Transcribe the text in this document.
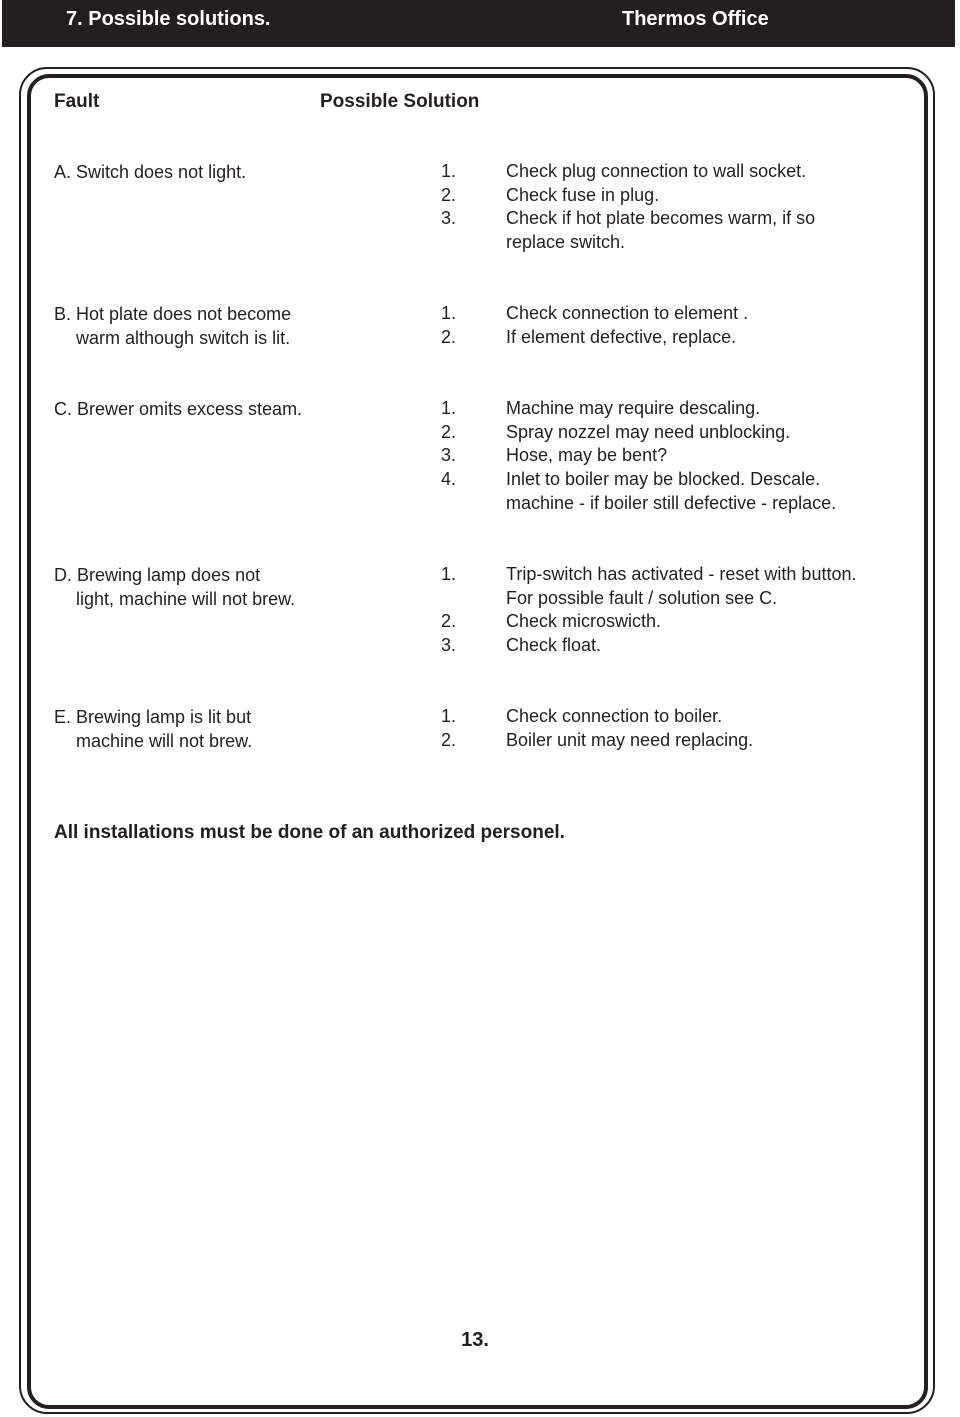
7. Possible solutions.	Thermos Office
Fault	Possible Solution
A. Switch does not light.	1.	Check plug connection to wall socket.
2.	Check fuse in plug.
3.	Check if hot plate becomes warm, if so
replace switch.
B. Hot plate does not become
warm although switch is lit.
1.	Check connection to element .
2.	If element defective, replace.
C. Brewer omits excess steam.	1.	Machine may require descaling.
2.	Spray nozzel may need unblocking.
3.	Hose, may be bent?
4.	Inlet to boiler may be blocked. Descale.
machine - if boiler still defective - replace.
D. Brewing lamp does not
light, machine will not brew.
1.	Trip-switch has activated - reset with button.
For possible fault / solution see C.
2.	Check microswicth.
3.	Check float.
E. Brewing lamp is lit but
machine will not brew.
1.	Check connection to boiler.
2.	Boiler unit may need replacing.
All installations must be done of an authorized personel.
13.
